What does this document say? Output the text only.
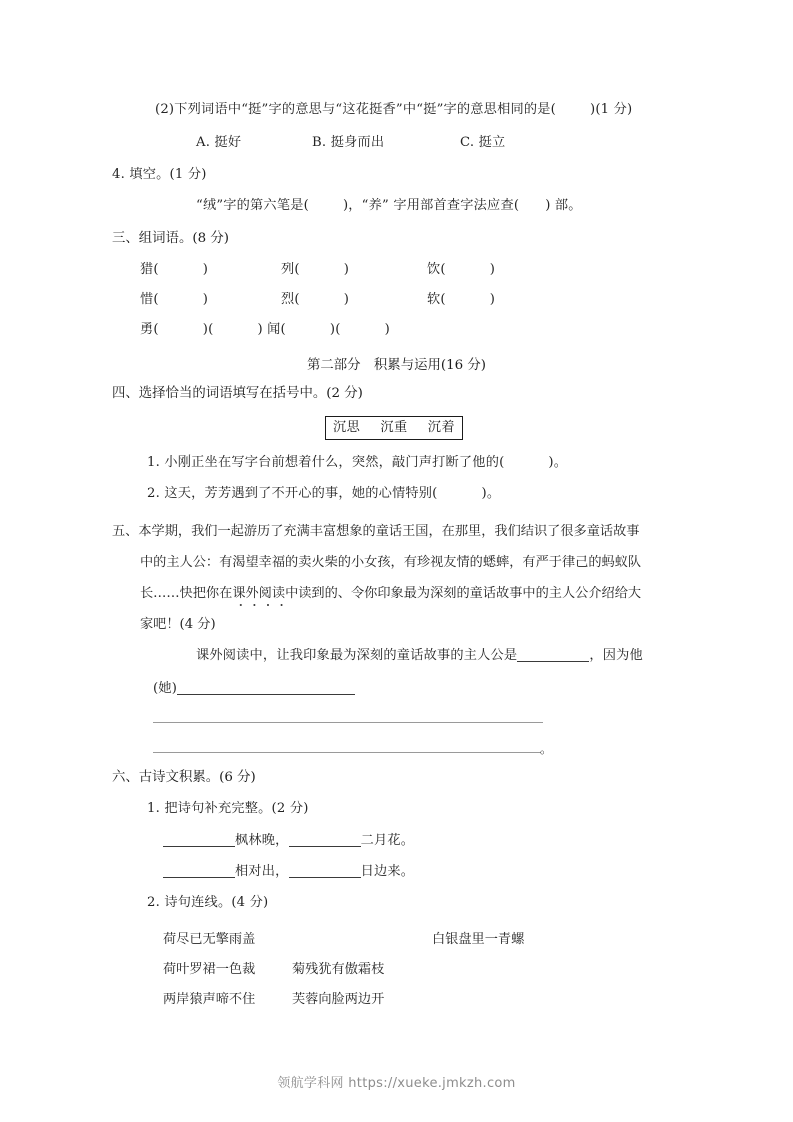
(2)下列词语中“挺”字的意思与“这花挺香”中“挺”字的意思相同的是(	)(1 分)
A. 挺好	B. 挺身而出	C. 挺立
4. 填空。(1 分)
“绒”字的第六笔是(	)，“养” 字用部首查字法应查( ) 部。
三、组词语。(8 分)
猎(	)	列(	)	饮(	)
惜(	)	烈(	)	软(	)
勇(	)(	) 闻(	)(	)
第二部分　积累与运用(16 分)
四、选择恰当的词语填写在括号中。(2 分)
沉思 沉重 沉着
1. 小刚正坐在写字台前想着什么，突然，敲门声打断了他的(	)。
2. 这天，芳芳遇到了不开心的事，她的心情特别(	)。
五、本学期，我们一起游历了充满丰富想象的童话王国，在那里，我们结识了很多童话故事
中的主人公：有渴望幸福的卖火柴的小女孩，有珍视友情的蟋蟀，有严于律己的蚂蚁队
长……快把你在课外阅读中读到的、令你印象最为深刻的童话故事中的主人公介绍给大
家吧！(4 分)
课外阅读中，让我印象最为深刻的童话故事的主人公是	，因为他
(她)
。
六、古诗文积累。(6 分)
1. 把诗句补充完整。(2 分)
枫林晚，	二月花。
相对出，	日边来。
2. 诗句连线。(4 分)
荷尽已无擎雨盖
荷叶罗裙一色裁
两岸猿声啼不住
白银盘里一青螺
菊残犹有傲霜枝
芙蓉向脸两边开
领航学科网 https://xueke.jmkzh.com
